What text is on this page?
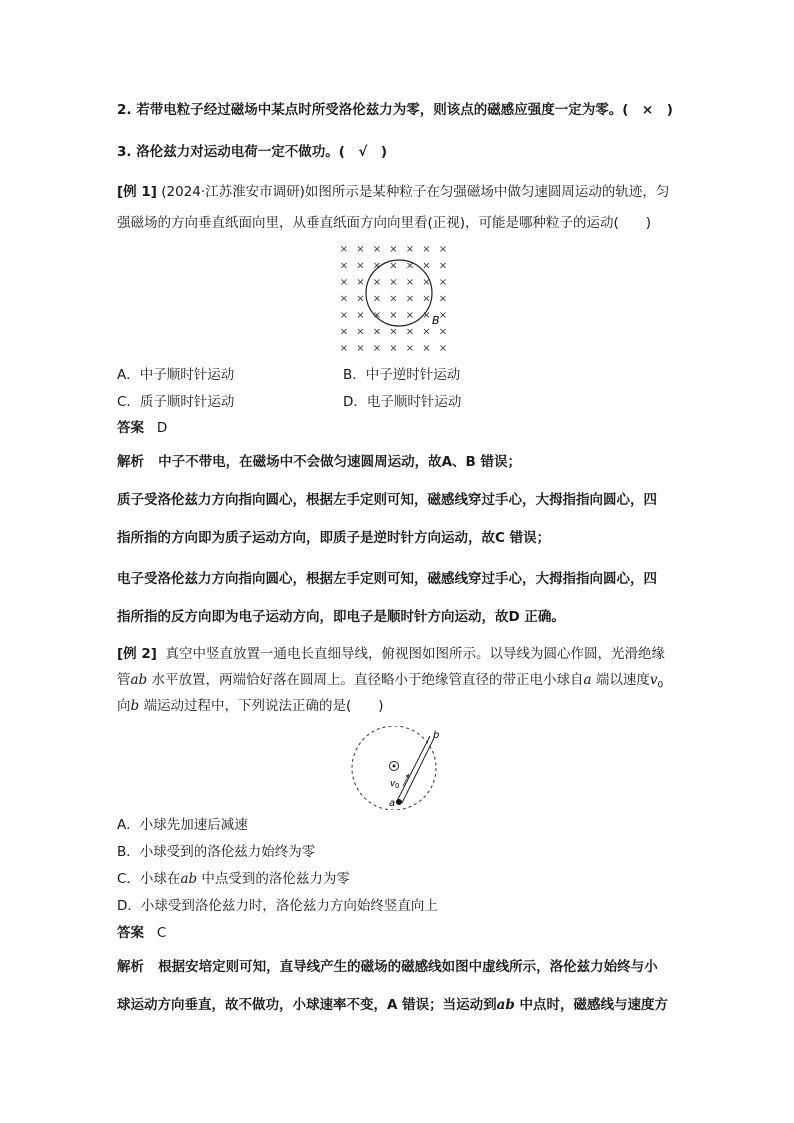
2. 若带电粒子经过磁场中某点时所受洛伦兹力为零，则该点的磁感应强度一定为零。(　×　)
3. 洛伦兹力对运动电荷一定不做功。(　√　)
[例 1] (2024·江苏淮安市调研)如图所示是某种粒子在匀强磁场中做匀速圆周运动的轨迹，匀
强磁场的方向垂直纸面向里，从垂直纸面方向向里看(正视)，可能是哪种粒子的运动(　　)
× × × × × × ×
× × × × × × ×
× × × × × × ×
× × × × × × ×
× × × × × × ×
× × × × × × ×
× × × × × × ×
B
A．中子顺时针运动	B．中子逆时针运动
C．质子顺时针运动	D．电子顺时针运动
答案 D
解析 中子不带电，在磁场中不会做匀速圆周运动，故A、B 错误；
质子受洛伦兹力方向指向圆心，根据左手定则可知，磁感线穿过手心，大拇指指向圆心，四
指所指的方向即为质子运动方向，即质子是逆时针方向运动，故C 错误；
电子受洛伦兹力方向指向圆心，根据左手定则可知，磁感线穿过手心，大拇指指向圆心，四
指所指的反方向即为电子运动方向，即电子是顺时针方向运动，故D 正确。
[例 2] 真空中竖直放置一通电长直细导线，俯视图如图所示。以导线为圆心作圆，光滑绝缘
管ab 水平放置，两端恰好落在圆周上。直径略小于绝缘管直径的带正电小球自a 端以速度$v_0$
向b 端运动过程中，下列说法正确的是(　　)
b
a
v 0
A．小球先加速后减速
B．小球受到的洛伦兹力始终为零
C．小球在ab 中点受到的洛伦兹力为零
D．小球受到洛伦兹力时，洛伦兹力方向始终竖直向上
答案 C
解析 根据安培定则可知，直导线产生的磁场的磁感线如图中虚线所示，洛伦兹力始终与小
球运动方向垂直，故不做功，小球速率不变，A 错误；当运动到ab 中点时，磁感线与速度方
